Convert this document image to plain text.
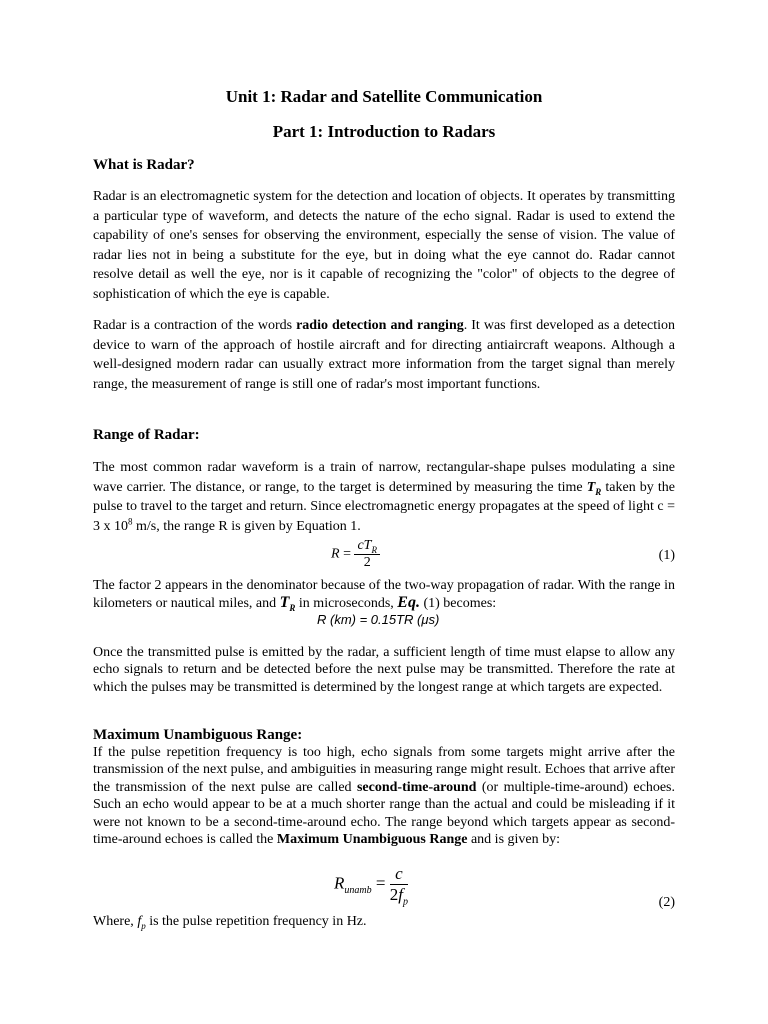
Unit 1: Radar and Satellite Communication
Part 1: Introduction to Radars
What is Radar?
Radar is an electromagnetic system for the detection and location of objects. It operates by transmitting a particular type of waveform, and detects the nature of the echo signal. Radar is used to extend the capability of one's senses for observing the environment, especially the sense of vision. The value of radar lies not in being a substitute for the eye, but in doing what the eye cannot do. Radar cannot resolve detail as well the eye, nor is it capable of recognizing the "color" of objects to the degree of sophistication of which the eye is capable.
Radar is a contraction of the words radio detection and ranging. It was first developed as a detection device to warn of the approach of hostile aircraft and for directing antiaircraft weapons. Although a well-designed modern radar can usually extract more information from the target signal than merely range, the measurement of range is still one of radar's most important functions.
Range of Radar:
The most common radar waveform is a train of narrow, rectangular-shape pulses modulating a sine wave carrier. The distance, or range, to the target is determined by measuring the time $T_R$ taken by the pulse to travel to the target and return. Since electromagnetic energy propagates at the speed of light c = 3 x $10^8$ m/s, the range R is given by Equation 1.
$R = \frac{cT_R}{2}$	(1)
The factor 2 appears in the denominator because of the two-way propagation of radar. With the range in kilometers or nautical miles, and $T_R$ in microseconds, Eq. (1) becomes:
R (km) = 0.15TR (μs)
Once the transmitted pulse is emitted by the radar, a sufficient length of time must elapse to allow any echo signals to return and be detected before the next pulse may be transmitted. Therefore the rate at which the pulses may be transmitted is determined by the longest range at which targets are expected.
Maximum Unambiguous Range:
If the pulse repetition frequency is too high, echo signals from some targets might arrive after the transmission of the next pulse, and ambiguities in measuring range might result. Echoes that arrive after the transmission of the next pulse are called second-time-around (or multiple-time-around) echoes. Such an echo would appear to be at a much shorter range than the actual and could be misleading if it were not known to be a second-time-around echo. The range beyond which targets appear as second-time-around echoes is called the Maximum Unambiguous Range and is given by:
$R_{unamb} = \frac{c}{2f_p}$	(2)
Where, $f_p$ is the pulse repetition frequency in Hz.
